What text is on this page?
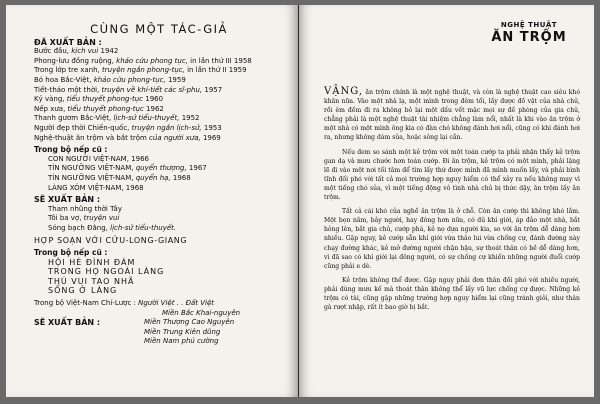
CÙNG MỘT TÁC-GIẢ
ĐÃ XUẤT BẢN :
Bước đầu, kịch vui 1942
Phong-lưu đồng ruộng, khảo cứu phong tục, in lần thứ III 1958
Trong lớp tre xanh, truyện ngắn phong-tục, in lần thứ II 1959
Bó hoa Bắc-Việt, khảo cứu phong-tục, 1959
Tiết-tháo một thời, truyện về khí-tiết các sĩ-phu, 1957
Kỷ vàng, tiểu thuyết phong-tục 1960
Nếp xưa, tiểu thuyết phong-tục 1962
Thanh gươm Bắc-Việt, lịch-sử tiểu-thuyết, 1952
Người đẹp thời Chiến-quốc, truyện ngắn lịch-sử, 1953
Nghệ-thuật ăn trộm và bắt trộm của người xưa, 1969
Trong bộ nếp cũ :
CON NGƯỜI VIỆT-NAM, 1966
TÍN NGƯỠNG VIỆT-NAM, quyển thượng, 1967
TÍN NGƯỠNG VIỆT-NAM, quyển hạ, 1968
LÀNG XÓM VIỆT-NAM, 1968
SẼ XUẤT BẢN :
Tham nhũng thời Tây
Tôi ba vợ, truyện vui
Sóng bạch Đằng, lịch-sử tiểu-thuyết.
HỢP SOẠN VỚI CỬU-LONG-GIANG
Trong bộ nếp cũ :
HỘI HÈ ĐÌNH ĐÁM
TRONG HỌ NGOÀI LÀNG
THÚ VUI TAO NHÃ
SỐNG Ở LÀNG
Trong bộ Việt-Nam Chí-Lược : Người Việt . . Đất Việt
Miền Bắc Khai-nguyên
SẼ XUẤT BẢN :	Miền Thượng Cao Nguyên
Miền Trung Kiên dũng
Miền Nam phú cường
NGHỆ THUẬT
ĂN TRỘM

VẬNG, ăn trộm chính là một nghệ thuật, và còn là nghệ thuật cao siêu khó khăn nữa. Vào một nhà lạ, một mình trong đêm tối, lấy được đồ vật của nhà chủ, rồi êm đềm đi ra không bỏ lại một dấu vết mặc mọi sự đề phòng của gia chủ, chẳng phải là một nghệ thuật tài nhiệm chẳng làm nổi, nhất là khi vào ăn trộm ở một nhà có một mình ông kia có đàn chó không đánh hơi nổi, cũng có khi đánh hơi ra, nhưng không dám sủa, hoặc sông lại cắn.

Nếu đem so sánh một kẻ trộm với một toán cướp ta phải nhận thấy kẻ trộm gan dạ và mưu chước hơn toán cướp. Đi ăn trộm, kẻ trộm có một mình, phải lặng lẽ đi vào một nơi tối tăm để tìm lấy thứ được mình đã mình muốn lấy, và phải bình tĩnh đối phó với tất cả mọi trường hợp nguy hiểm có thể xảy ra nếu không may vì một tiếng chó sủa, vì một tiếng động vô tình nhà chủ bị thức dậy, ăn trộm lấy ăn trộm.

Tất cả cái khó của nghề ăn trộm là ở chỗ. Còn ăn cướp thì không khó lắm. Một bọn năm, bảy người, hay đông hơn nữa, có đủ khí giới, áp đảo một nhà, bắt hỏng lên, bắt gia chủ, cướp phá, kẻ nọ dựa người kia, so với ăn trộm dễ dàng hơn nhiều. Gặp nguy, kẻ cướp sẵn khí giới vừa thảo lui vừa chống cự, đánh đường này chạy đường khác, kẻ mở đường người chận hậu, sự thoát thân có bề dễ dàng hơn, vì đã sao có khí giới lại đông người, có sự chống cự khiến những người đuổi cướp cũng phải e dè.

Kẻ trộm không thể được. Gặp nguy phải đơn thân đối phó với nhiều người, phải dùng mưu kế mà thoát thân không thể lấy vũ lực chống cự được. Những kẻ trộm có tài, cũng gặp những trường hợp nguy hiểm lại cũng tránh giỏi, như thân gà rượt nhập, rất ít bao giờ bị bắt.
